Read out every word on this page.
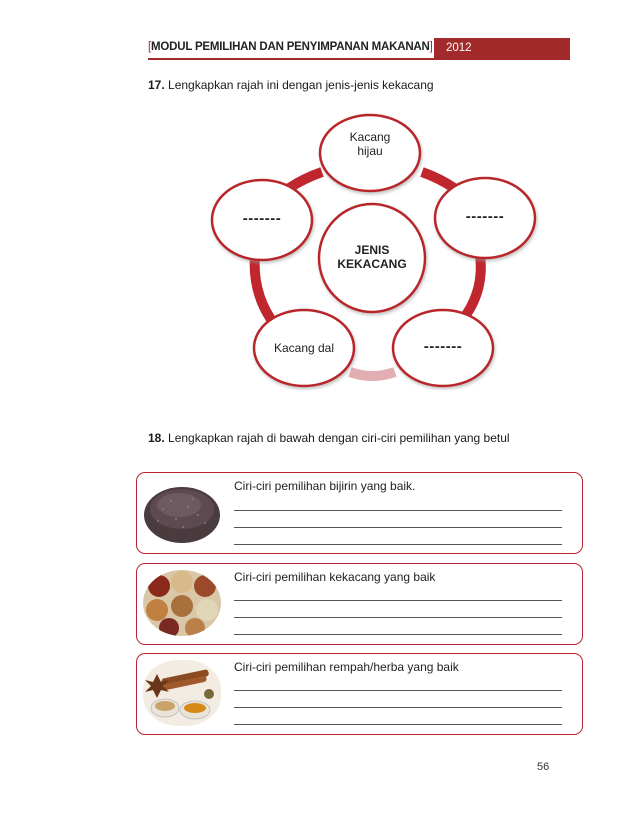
[MODUL PEMILIHAN DAN PENYIMPANAN MAKANAN]	2012
17. Lengkapkan rajah ini dengan jenis-jenis kekacang
Kacang
hijau
-------
-------
Kacang dal
-------
JENIS
KEKACANG
18. Lengkapkan rajah di bawah dengan ciri-ciri pemilihan yang betul
Ciri-ciri pemilihan bijirin yang baik.
Ciri-ciri pemilihan kekacang yang baik
Ciri-ciri pemilihan rempah/herba yang baik
56
